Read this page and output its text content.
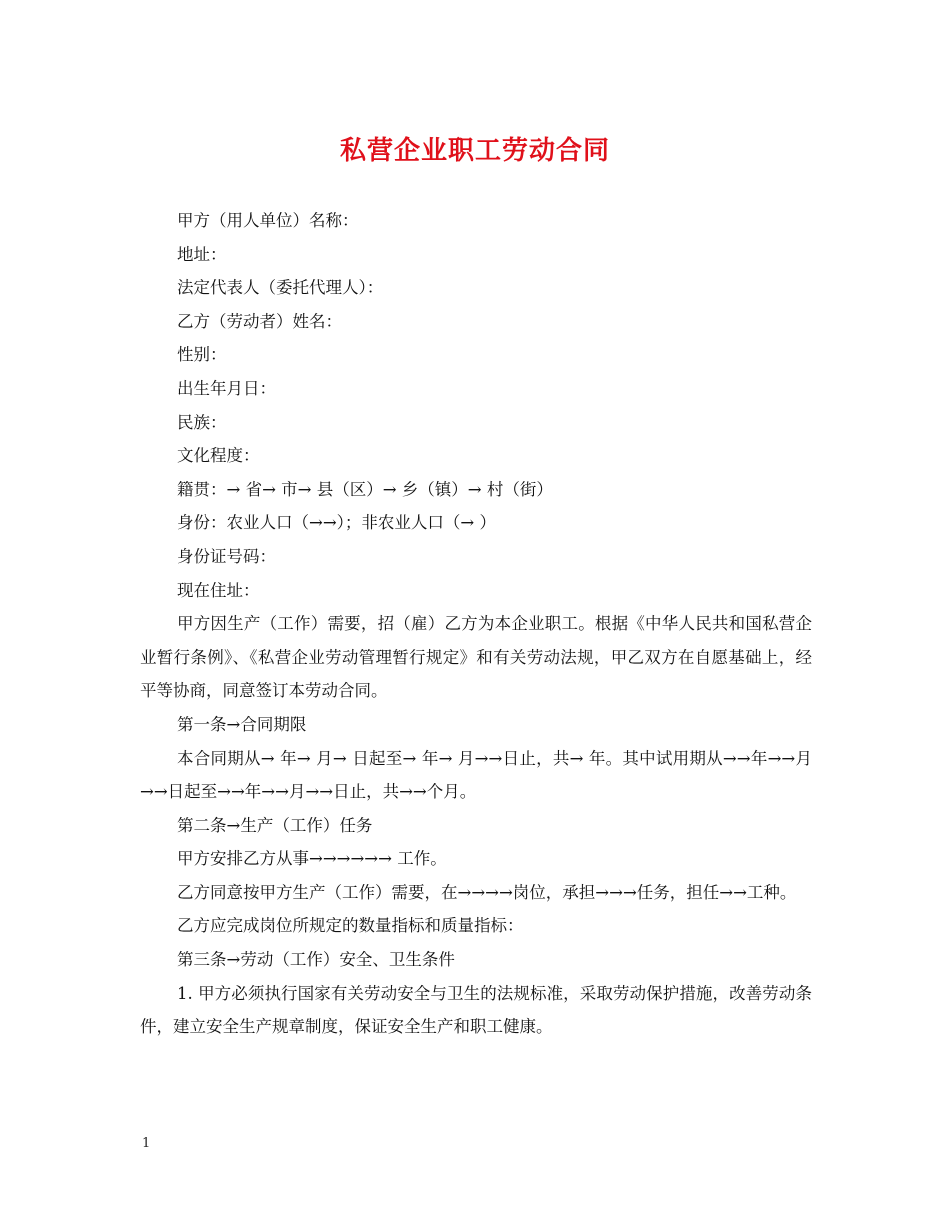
私营企业职工劳动合同
甲方（用人单位）名称：
地址：
法定代表人（委托代理人）：
乙方（劳动者）姓名：
性别：
出生年月日：
民族：
文化程度：
籍贯：→ 省→ 市→ 县（区）→ 乡（镇）→ 村（街）
身份：农业人口（→→）；非农业人口（→ ）
身份证号码：
现在住址：
甲方因生产（工作）需要，招（雇）乙方为本企业职工。根据《中华人民共和国私营企业暂行条例》、《私营企业劳动管理暂行规定》和有关劳动法规，甲乙双方在自愿基础上，经平等协商，同意签订本劳动合同。
第一条→合同期限
本合同期从→ 年→ 月→ 日起至→ 年→ 月→→日止，共→ 年。其中试用期从→→年→→月→→日起至→→年→→月→→日止，共→→个月。
第二条→生产（工作）任务
甲方安排乙方从事→→→→→→ 工作。
乙方同意按甲方生产（工作）需要，在→→→→岗位，承担→→→任务，担任→→工种。
乙方应完成岗位所规定的数量指标和质量指标：
第三条→劳动（工作）安全、卫生条件
1. 甲方必须执行国家有关劳动安全与卫生的法规标准，采取劳动保护措施，改善劳动条件，建立安全生产规章制度，保证安全生产和职工健康。
1
